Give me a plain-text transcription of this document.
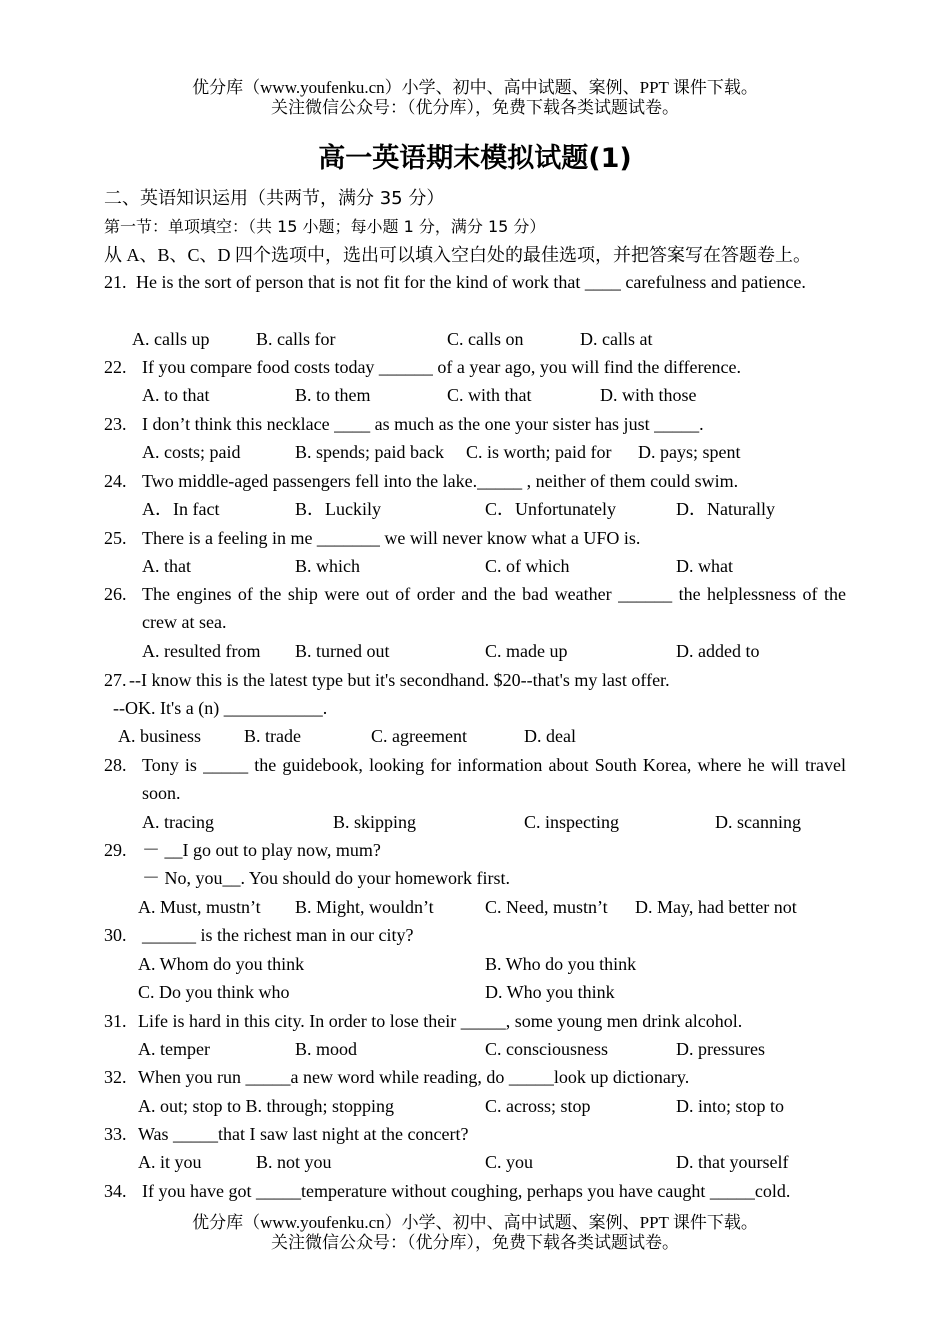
优分库（www.youfenku.cn）小学、初中、高中试题、案例、PPT 课件下载。
关注微信公众号：（优分库），免费下载各类试题试卷。
高一英语期末模拟试题(1)
二、英语知识运用（共两节，满分 35 分）
第一节：单项填空：（共 15 小题；每小题 1 分，满分 15 分）
从 A、B、C、D 四个选项中，选出可以填入空白处的最佳选项，并把答案写在答题卷上。
21. He is the sort of person that is not fit for the kind of work that ____ carefulness and patience.
A. calls up	B. calls for	C. calls on	D. calls at
22. If you compare food costs today ______ of a year ago, you will find the difference.
A. to that	B. to them	C. with that	D. with those
23. I don’t think this necklace ____ as much as the one your sister has just _____.
A. costs; paid	B. spends; paid back C. is worth; paid for D. pays; spent
24. Two middle-aged passengers fell into the lake._____ , neither of them could swim.
A．In fact	B．Luckily	C．Unfortunately	D．Naturally
25. There is a feeling in me _______ we will never know what a UFO is.
A. that	B. which	C. of which	D. what
26. The engines of the ship were out of order and the bad weather ______ the helplessness of the crew at sea.
A. resulted from B. turned out	C. made up	D. added to
27. --I know this is the latest type but it's secondhand. $20--that's my last offer.
--OK. It's a (n) ___________.
A. business B. trade	C. agreement	D. deal
28. Tony is _____ the guidebook, looking for information about South Korea, where he will travel soon.
A. tracing	B. skipping	C. inspecting	D. scanning
29. － __I go out to play now, mum?
－ No, you__. You should do your homework first.
A. Must, mustn’t B. Might, wouldn’t	C. Need, mustn’t D. May, had better not
30. ______ is the richest man in our city?
A. Whom do you think	B. Who do you think
C. Do you think who	D. Who you think
31. Life is hard in this city. In order to lose their _____, some young men drink alcohol.
A. temper	B. mood	C. consciousness	D. pressures
32. When you run _____a new word while reading, do _____look up dictionary.
A. out; stop to B. through; stopping	C. across; stop	D. into; stop to
33. Was _____that I saw last night at the concert?
A. it you	B. not you	C. you	D. that yourself
34. If you have got _____temperature without coughing, perhaps you have caught _____cold.
优分库（www.youfenku.cn）小学、初中、高中试题、案例、PPT 课件下载。
关注微信公众号：（优分库），免费下载各类试题试卷。
